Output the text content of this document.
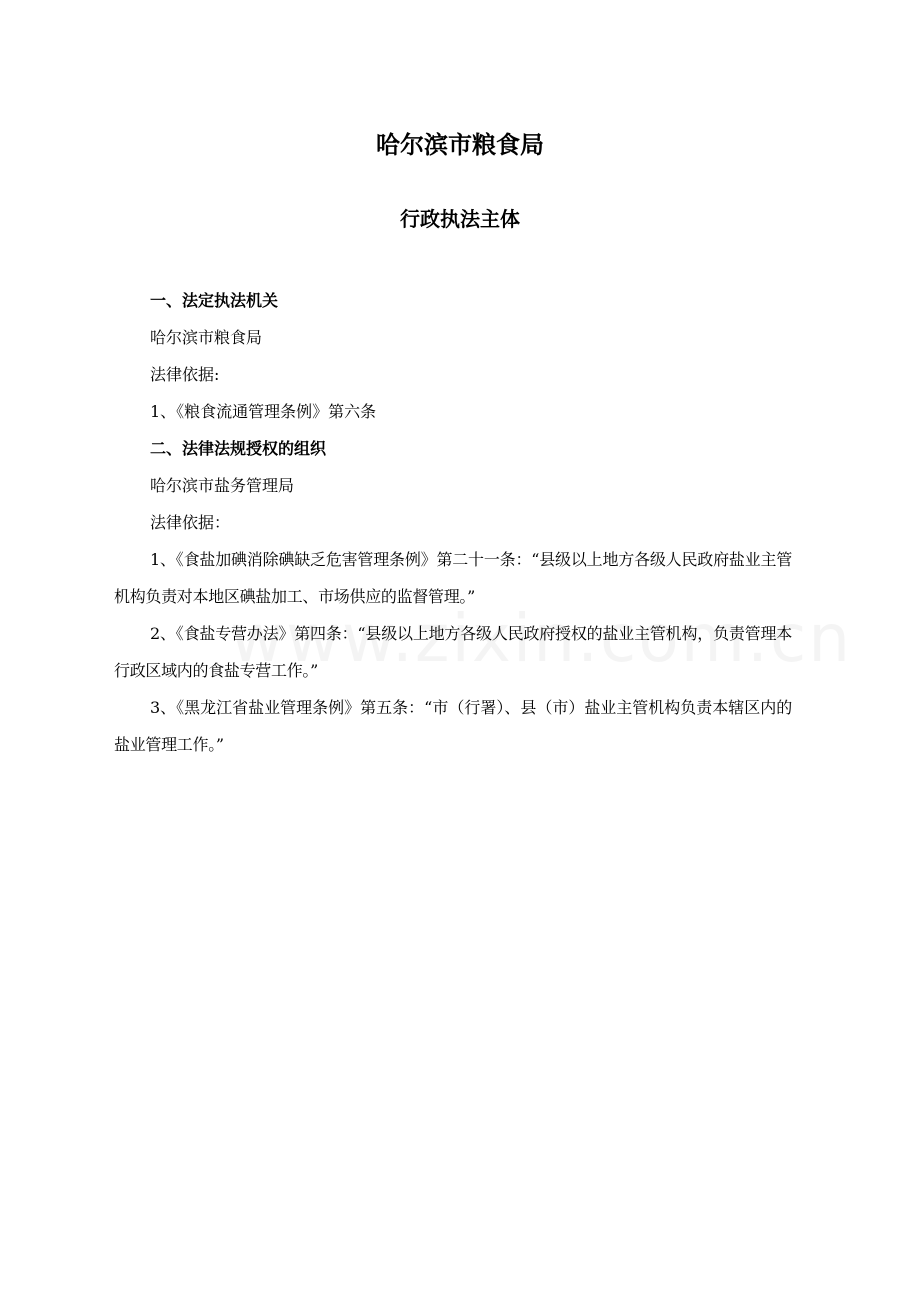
哈尔滨市粮食局
行政执法主体
一、法定执法机关
哈尔滨市粮食局
法律依据:
1、《粮食流通管理条例》第六条
二、法律法规授权的组织
哈尔滨市盐务管理局
法律依据：
1、《食盐加碘消除碘缺乏危害管理条例》第二十一条：“县级以上地方各级人民政府盐业主管机构负责对本地区碘盐加工、市场供应的监督管理。”
2、《食盐专营办法》第四条：“县级以上地方各级人民政府授权的盐业主管机构，负责管理本行政区域内的食盐专营工作。”
3、《黑龙江省盐业管理条例》第五条：“市（行署）、县（市）盐业主管机构负责本辖区内的盐业管理工作。”
